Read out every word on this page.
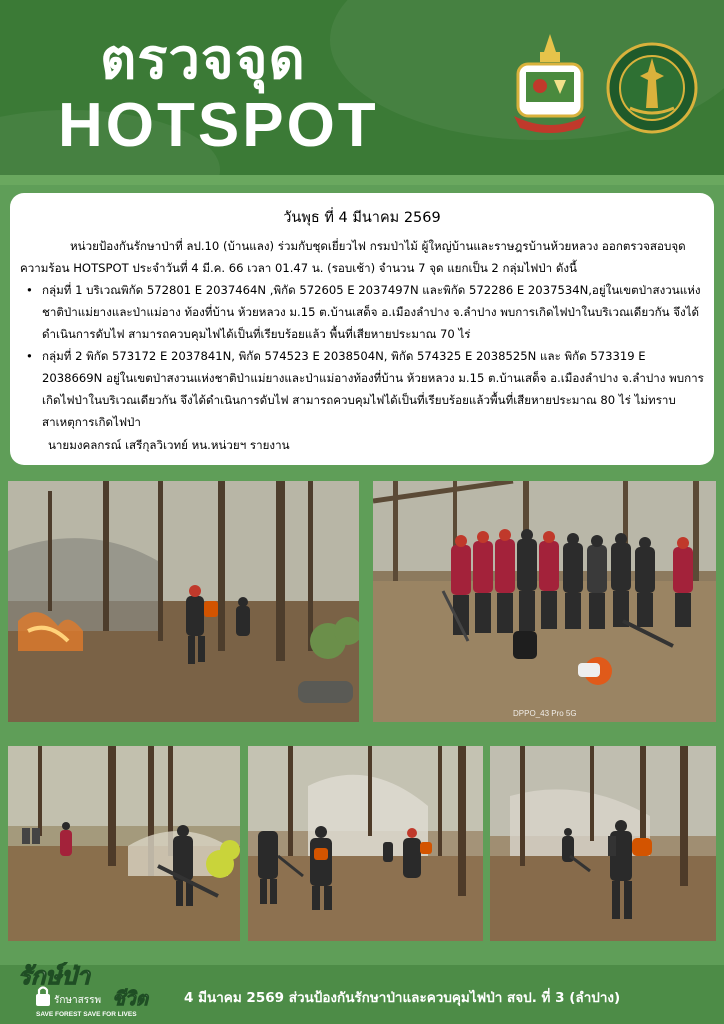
ตรวจจุด
HOTSPOT
วันพุธ ที่ 4 มีนาคม 2569

หน่วยป้องกันรักษาป่าที่ ลป.10 (บ้านแลง) ร่วมกับชุดเยี่ยวไฟ กรมป่าไม้ ผู้ใหญ่บ้านและราษฎรบ้านห้วยหลวง ออกตรวจสอบจุด ความร้อน HOTSPOT ประจำวันที่ 4 มี.ค. 66 เวลา 01.47 น. (รอบเช้า) จำนวน 7 จุด แยกเป็น 2 กลุ่มไฟป่า ดังนี้

• กลุ่มที่ 1 บริเวณพิกัด 572801 E 2037464N ,พิกัด 572605 E 2037497N และพิกัด 572286 E 2037534N,อยู่ในเขตป่าสงวนแห่งชาติป่าแม่ยางและป่าแม่อาง ท้องที่บ้าน ห้วยหลวง ม.15 ต.บ้านเสด็จ อ.เมืองลำปาง จ.ลำปาง พบการเกิดไฟป่าในบริเวณเดียวกัน จึงได้ดำเนินการดับไฟ สามารถควบคุมไฟได้เป็นที่เรียบร้อยแล้ว พื้นที่เสียหายประมาณ 70 ไร่
• กลุ่มที่ 2 พิกัด 573172 E 2037841N, พิกัด 574523 E 2038504N, พิกัด 574325 E 2038525N และ พิกัด 573319 E 2038669N อยู่ในเขตป่าสงวนแห่งชาติป่าแม่ยางและป่าแม่อางท้องที่บ้าน ห้วยหลวง ม.15 ต.บ้านเสด็จ อ.เมืองลำปาง จ.ลำปาง พบการเกิดไฟป่าในบริเวณเดียวกัน จึงได้ดำเนินการดับไฟ สามารถควบคุมไฟได้เป็นที่เรียบร้อยแล้วพื้นที่เสียหายประมาณ 80 ไร่ ไม่ทราบสาเหตุการเกิดไฟป่า
นายมงคลกรณ์ เสรีกุลวิเวทย์ หน.หน่วยฯ รายงาน
DPPO_43 Pro 5G
รักษ์ป่า
รักษาสรรพ ชีวิต
SAVE FOREST SAVE FOR LIVES
4 มีนาคม 2569 ส่วนป้องกันรักษาป่าและควบคุมไฟป่า สจป. ที่ 3 (ลำปาง)
